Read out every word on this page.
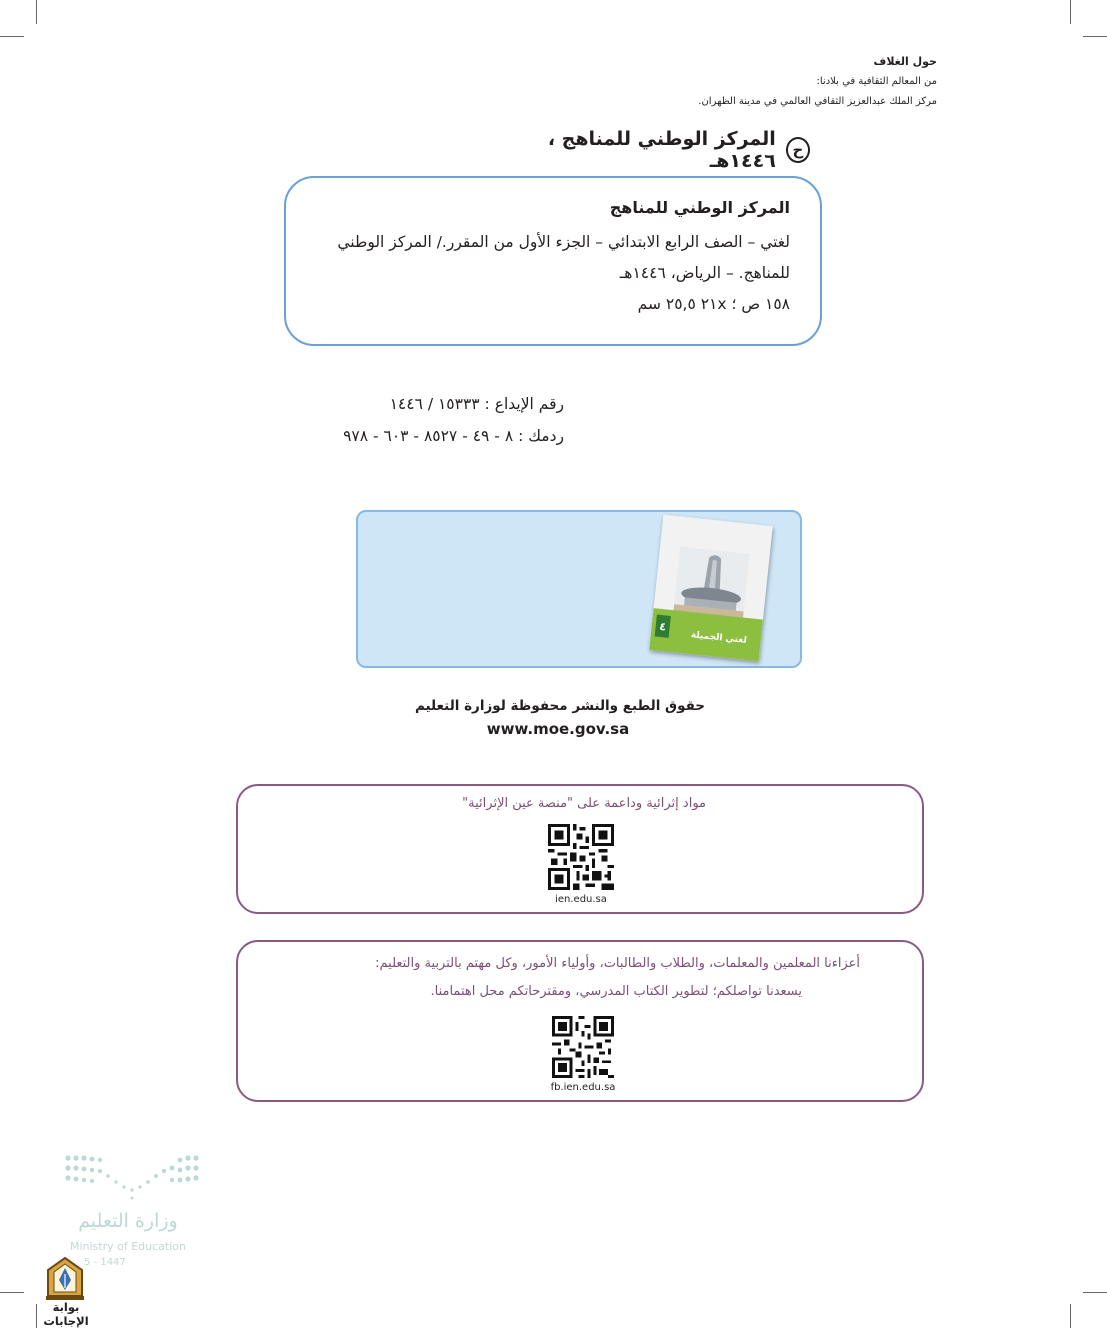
ح
المركز الوطني للمناهج ، ١٤٤٦هـ
المركز الوطني للمناهج
لغتي – الصف الرابع الابتدائي – الجزء الأول من المقرر./ المركز الوطني
للمناهج. – الرياض، ١٤٤٦هـ
١٥٨ ص ؛ ٢١x ٢٥,٥ سم
رقم الإيداع : ١٥٣٣٣ / ١٤٤٦
ردمك : ٨ - ٤٩ - ٨٥٢٧ - ٦٠٣ - ٩٧٨
حول الغلاف
من المعالم الثقافية في بلادنا:
مركز الملك عبدالعزيز الثقافي العالمي في مدينة الظهران.
لغتي الجميلة
٤
حقوق الطبع والنشر محفوظة لوزارة التعليم
www.moe.gov.sa
مواد إثرائية وداعمة على "منصة عين الإثرائية"
ien.edu.sa
أعزاءنا المعلمين والمعلمات، والطلاب والطالبات، وأولياء الأمور، وكل مهتم بالتربية والتعليم:
يسعدنا تواصلكم؛ لتطوير الكتاب المدرسي، ومقترحاتكم محل اهتمامنا.
fb.ien.edu.sa
وزارة التعليم
Ministry of Education
5 - 1447
بوابة الإجابات
